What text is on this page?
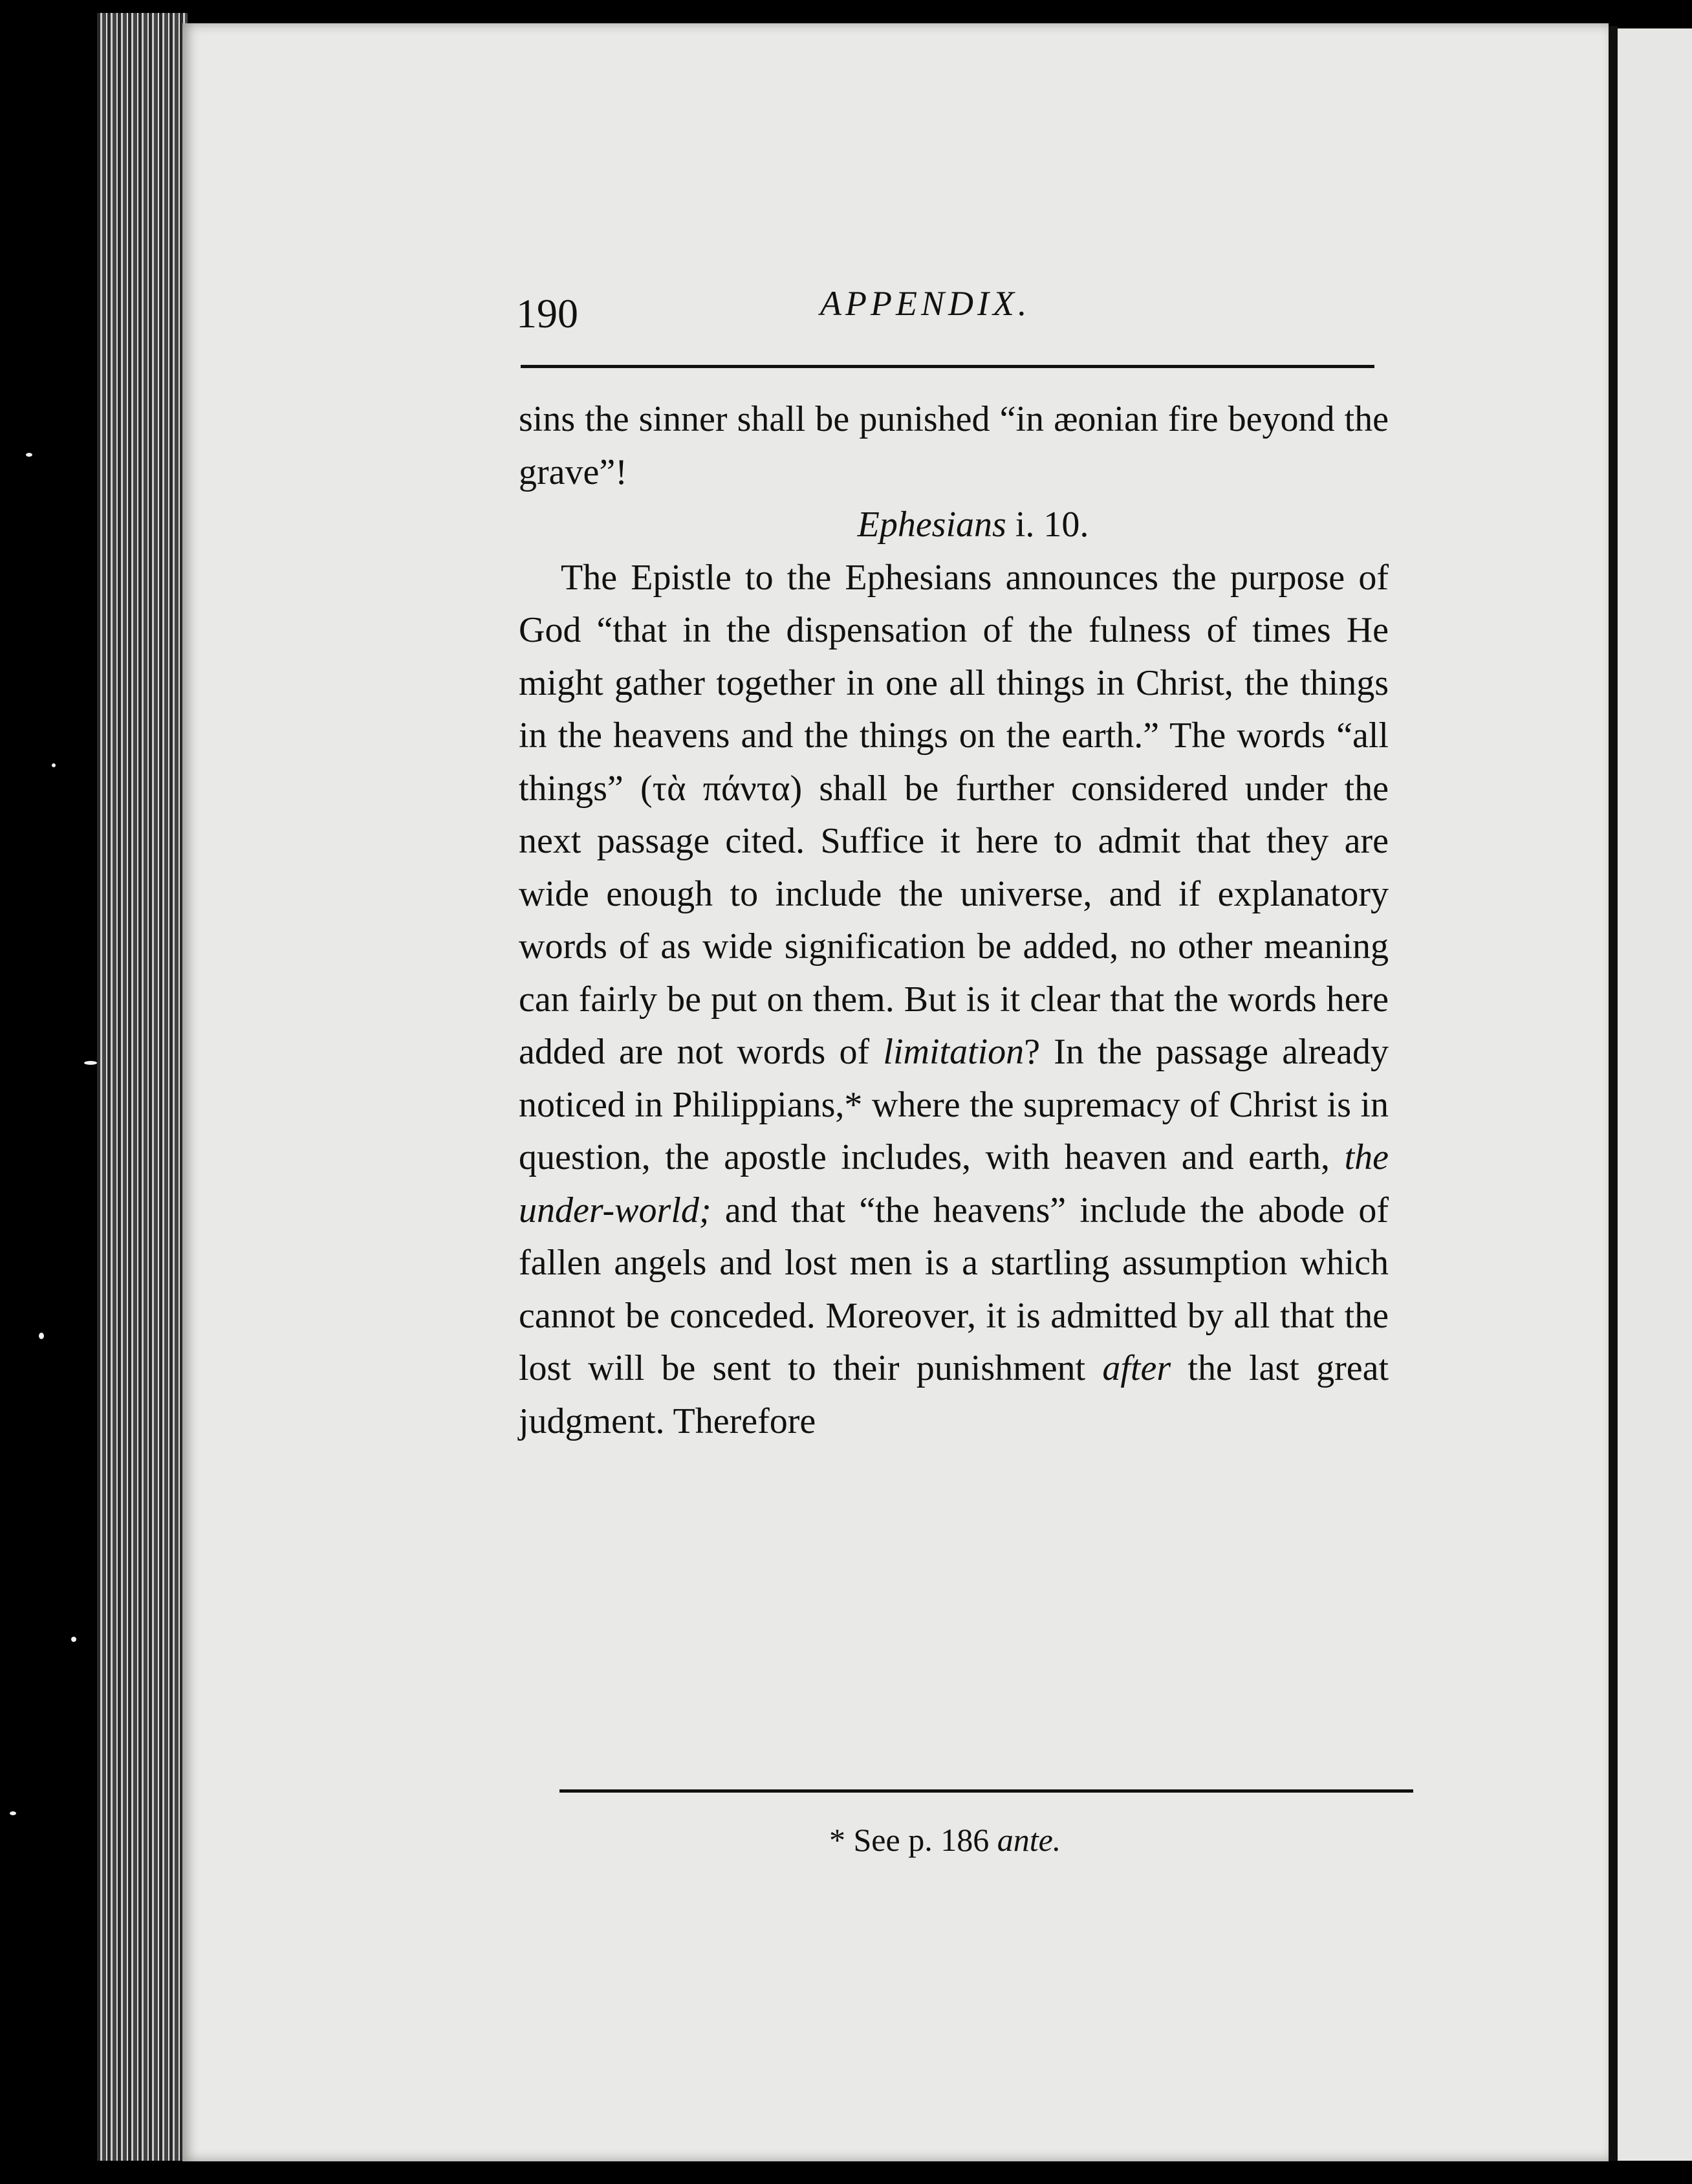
190	APPENDIX.

sins the sinner shall be punished “in æonian fire beyond the grave”!

Ephesians i. 10.

The Epistle to the Ephesians announces the purpose of God “that in the dispensation of the fulness of times He might gather together in one all things in Christ, the things in the heavens and the things on the earth.” The words “all things” (τὰ πάντα) shall be further considered under the next passage cited. Suffice it here to admit that they are wide enough to include the universe, and if explanatory words of as wide signification be added, no other meaning can fairly be put on them. But is it clear that the words here added are not words of limitation? In the passage already noticed in Philippians,* where the supremacy of Christ is in question, the apostle includes, with heaven and earth, the under-world; and that “the heavens” include the abode of fallen angels and lost men is a startling assumption which cannot be conceded. Moreover, it is admitted by all that the lost will be sent to their punishment after the last great judgment. Therefore

* See p. 186 ante.
